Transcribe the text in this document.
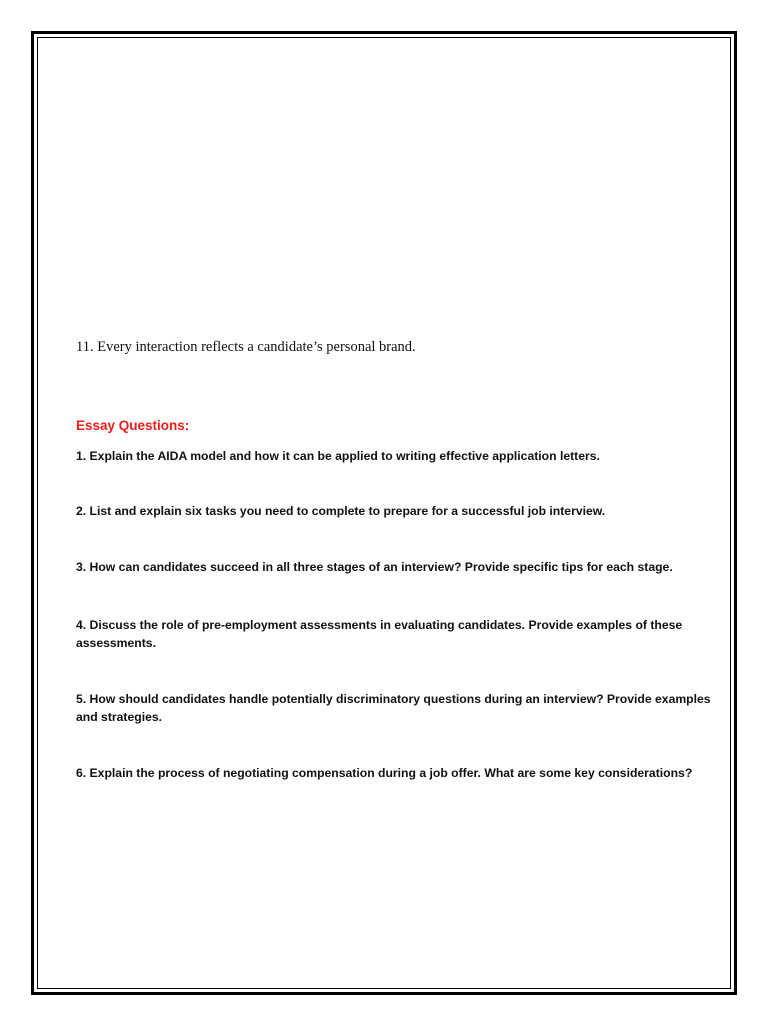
11. Every interaction reflects a candidate’s personal brand.

Essay Questions:

1. Explain the AIDA model and how it can be applied to writing effective application letters.

2. List and explain six tasks you need to complete to prepare for a successful job interview.

3. How can candidates succeed in all three stages of an interview? Provide specific tips for each stage.

4. Discuss the role of pre-employment assessments in evaluating candidates. Provide examples of these assessments.

5. How should candidates handle potentially discriminatory questions during an interview? Provide examples and strategies.

6. Explain the process of negotiating compensation during a job offer. What are some key considerations?
